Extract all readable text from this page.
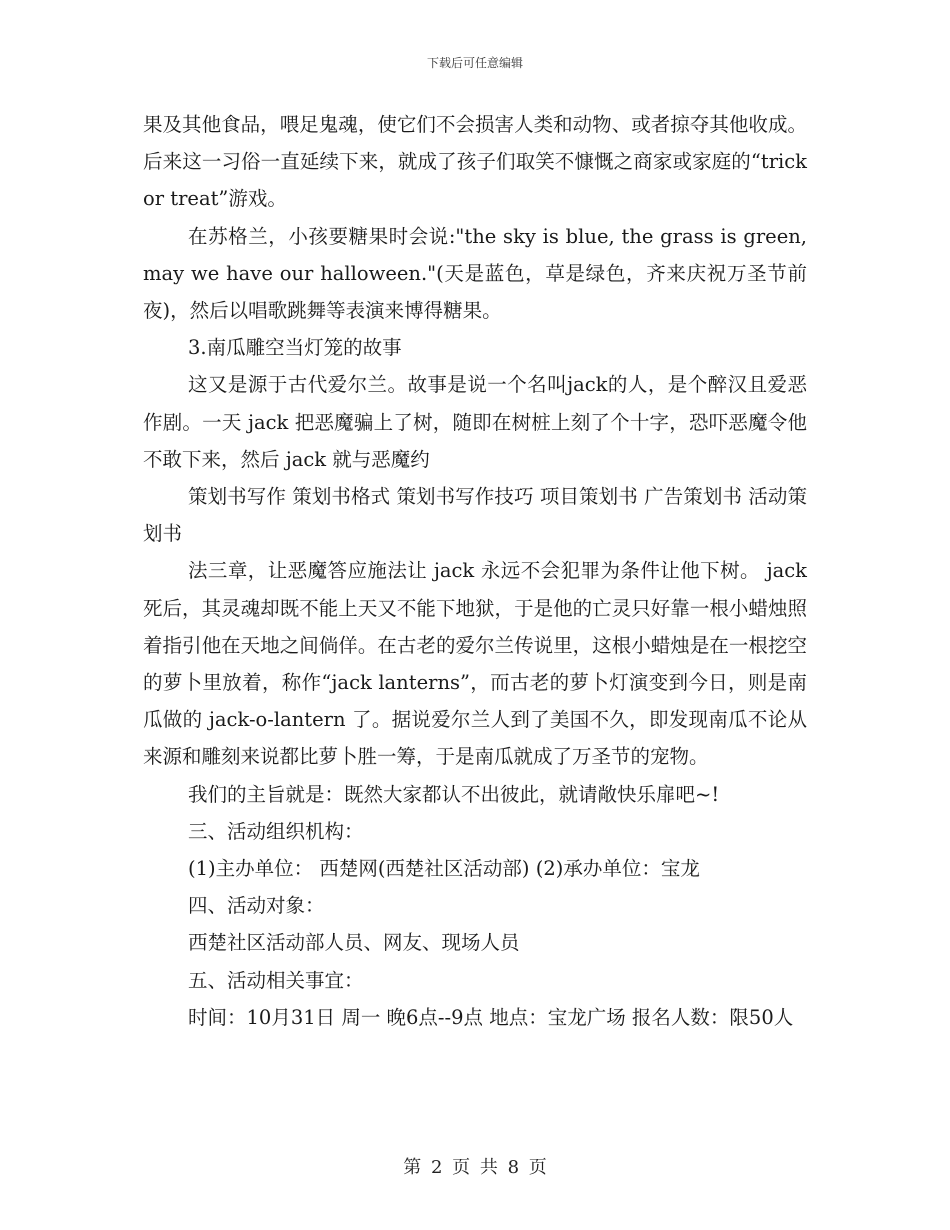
下载后可任意编辑

果及其他食品，喂足鬼魂，使它们不会损害人类和动物、或者掠夺其他收成。后来这一习俗一直延续下来，就成了孩子们取笑不慷慨之商家或家庭的“trick or treat”游戏。

在苏格兰，小孩要糖果时会说:"the sky is blue, the grass is green, may we have our halloween."(天是蓝色，草是绿色，齐来庆祝万圣节前夜)，然后以唱歌跳舞等表演来博得糖果。

3.南瓜雕空当灯笼的故事

这又是源于古代爱尔兰。故事是说一个名叫jack的人，是个醉汉且爱恶作剧。一天 jack 把恶魔骗上了树，随即在树桩上刻了个十字，恐吓恶魔令他不敢下来，然后 jack 就与恶魔约

策划书写作 策划书格式 策划书写作技巧 项目策划书 广告策划书 活动策划书

法三章，让恶魔答应施法让 jack 永远不会犯罪为条件让他下树。 jack 死后，其灵魂却既不能上天又不能下地狱，于是他的亡灵只好靠一根小蜡烛照着指引他在天地之间倘佯。在古老的爱尔兰传说里，这根小蜡烛是在一根挖空的萝卜里放着，称作“jack lanterns”，而古老的萝卜灯演变到今日，则是南瓜做的 jack-o-lantern 了。据说爱尔兰人到了美国不久，即发现南瓜不论从来源和雕刻来说都比萝卜胜一筹，于是南瓜就成了万圣节的宠物。

我们的主旨就是：既然大家都认不出彼此，就请敞快乐扉吧~!

三、活动组织机构：

(1)主办单位： 西楚网(西楚社区活动部) (2)承办单位：宝龙

四、活动对象：

西楚社区活动部人员、网友、现场人员

五、活动相关事宜：

时间：10月31日 周一 晚6点--9点 地点：宝龙广场 报名人数：限50人

第 2 页 共 8 页
